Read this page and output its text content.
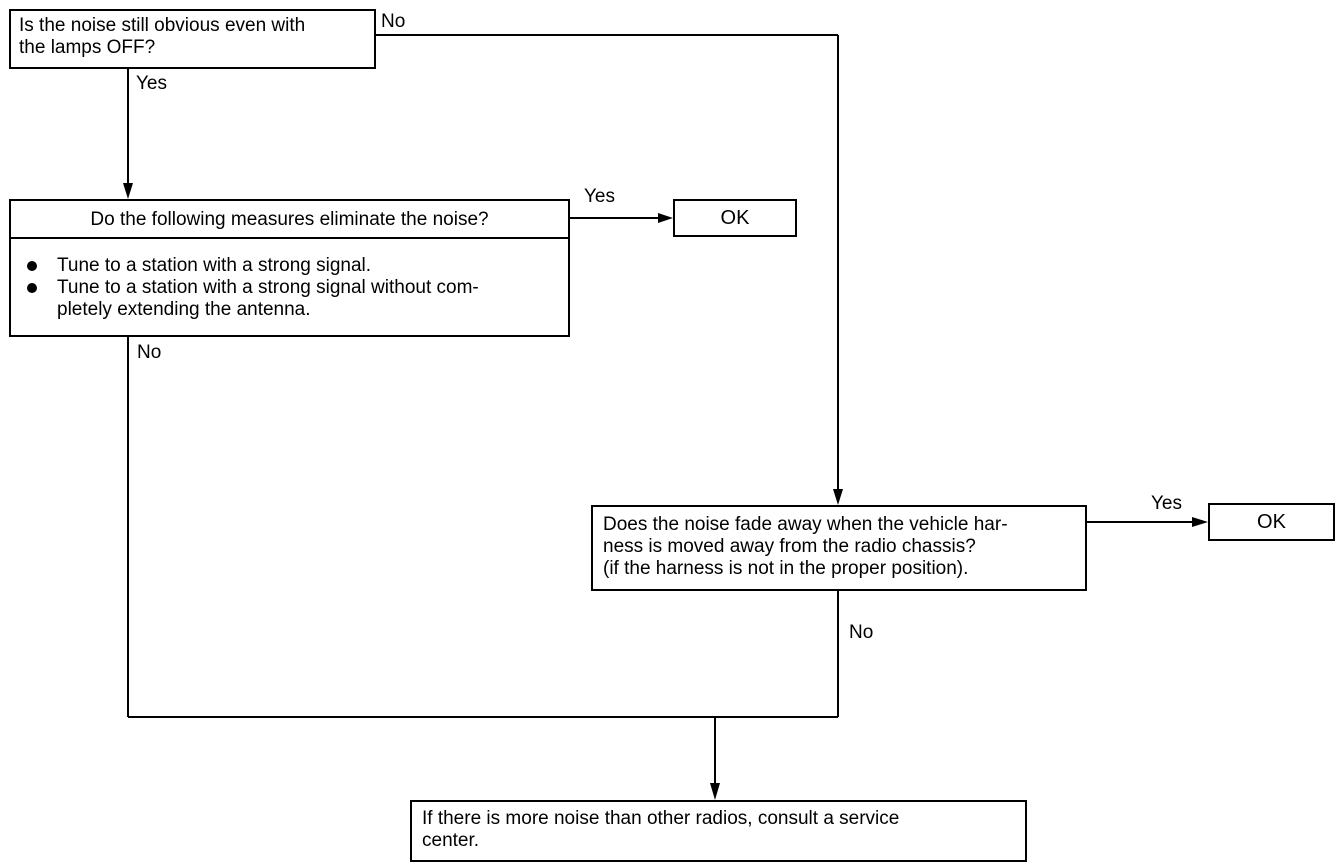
Is the noise still obvious even with

the lamps OFF?

No
Yes
Do the following measures eliminate the noise?
Tune to a station with a strong signal.
Tune to a station with a strong signal without com-
pletely extending the antenna.
Yes
No
OK

Does the noise fade away when the vehicle har-

ness is moved away from the radio chassis?

(if the harness is not in the proper position).

Yes
No
OK

If there is more noise than other radios, consult a service

center.
